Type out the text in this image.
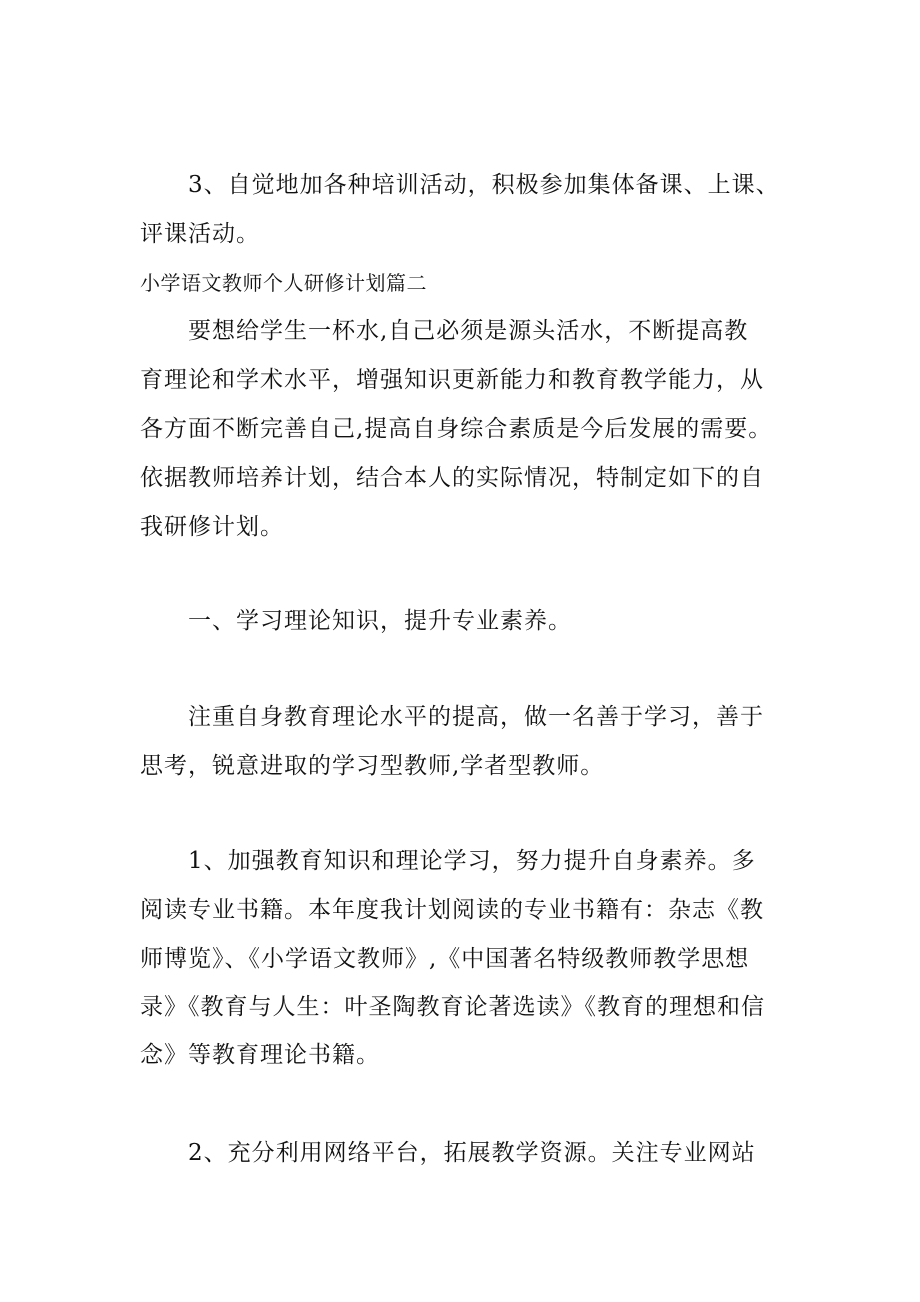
3、自觉地加各种培训活动，积极参加集体备课、上课、
评课活动。
小学语文教师个人研修计划篇二
要想给学生一杯水,自己必须是源头活水，不断提高教
育理论和学术水平，增强知识更新能力和教育教学能力，从
各方面不断完善自己,提高自身综合素质是今后发展的需要。
依据教师培养计划，结合本人的实际情况，特制定如下的自
我研修计划。
一、学习理论知识，提升专业素养。
注重自身教育理论水平的提高，做一名善于学习，善于
思考，锐意进取的学习型教师,学者型教师。
1、加强教育知识和理论学习，努力提升自身素养。多
阅读专业书籍。本年度我计划阅读的专业书籍有：杂志《教
师博览》、《小学语文教师》,《中国著名特级教师教学思想
录》《教育与人生：叶圣陶教育论著选读》《教育的理想和信
念》等教育理论书籍。
2、充分利用网络平台，拓展教学资源。关注专业网站
